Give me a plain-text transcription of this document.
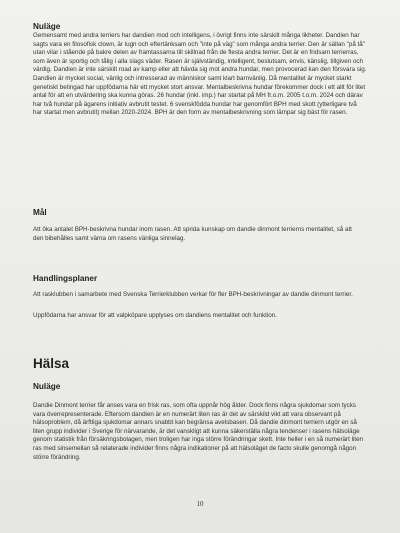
Nuläge

Gemensamt med andra terriers har dandien mod och intelligens, i övrigt finns inte särskilt många likheter. Dandien har sagts vara en filosofisk clown, är lugn och eftertänksam och "inte på väg" som många andra terrier. Den är sällan "på tå" utan vilar i stående på bakre delen av framtassarna till skillnad från de flesta andra terrier. Det är en fridsam terrierras, som även är sportig och tålig i alla slags väder. Rasen är självständig, intelligent, beslutsam, envis, känslig, tillgiven och värdig. Dandien är inte särskilt road av kamp eller att hävda sig mot andra hundar, men provocerad kan den försvara sig. Dandien är mycket social, vänlig och intresserad av människor samt klart barnvänlig. Då mentalitet är mycket starkt genetiskt betingad har uppfödarna här ett mycket stort ansvar. Mentalbeskrivna hundar förekommer dock i ett allt för litet antal för att en utvärdering ska kunna göras. 26 hundar (inkl. imp.) har startat på MH fr.o.m. 2005 t.o.m. 2024 och därav har två hundar på ägarens initiativ avbrutit testet. 6 svenskfödda hundar har genomfört BPH med skott (ytterligare två har startat men avbrutit) mellan 2020-2024. BPH är den form av mentalbeskrivning som lämpar sig bäst för rasen.

Mål

Att öka antalet BPH-beskrivna hundar inom rasen. Att sprida kunskap om dandie dinmont terrierns mentalitet, så att den bibehålles samt värna om rasens vänliga sinnelag.

Handlingsplaner

Att rasklubben i samarbete med Svenska Terrierklubben verkar för fler BPH-beskrivningar av dandie dinmont terrier.

Uppfödarna har ansvar för att valpköpare upplyses om dandiens mentalitet och funktion.

Hälsa
Nuläge

Dandie Dinmont terrier får anses vara en frisk ras, som ofta uppnår hög ålder. Dock finns några sjukdomar som tycks vara överrepresenterade. Eftersom dandien är en numerärt liten ras är det av särskild vikt att vara observant på hälsoproblem, då ärftliga sjukdomar annars snabbt kan begränsa avelsbasen. Då dandie dinmont terriern utgör en så liten grupp individer i Sverige för närvarande, är det vanskligt att kunna säkerställa några tendenser i rasens hälsoläge genom statistik från försäkringsbolagen, men troligen har inga större förändringar skett. Inte heller i en så numerärt liten ras med sinsemellan så relaterade individer finns några indikationer på att hälsoläget de facto skulle genomgå någon större förändring.

10
